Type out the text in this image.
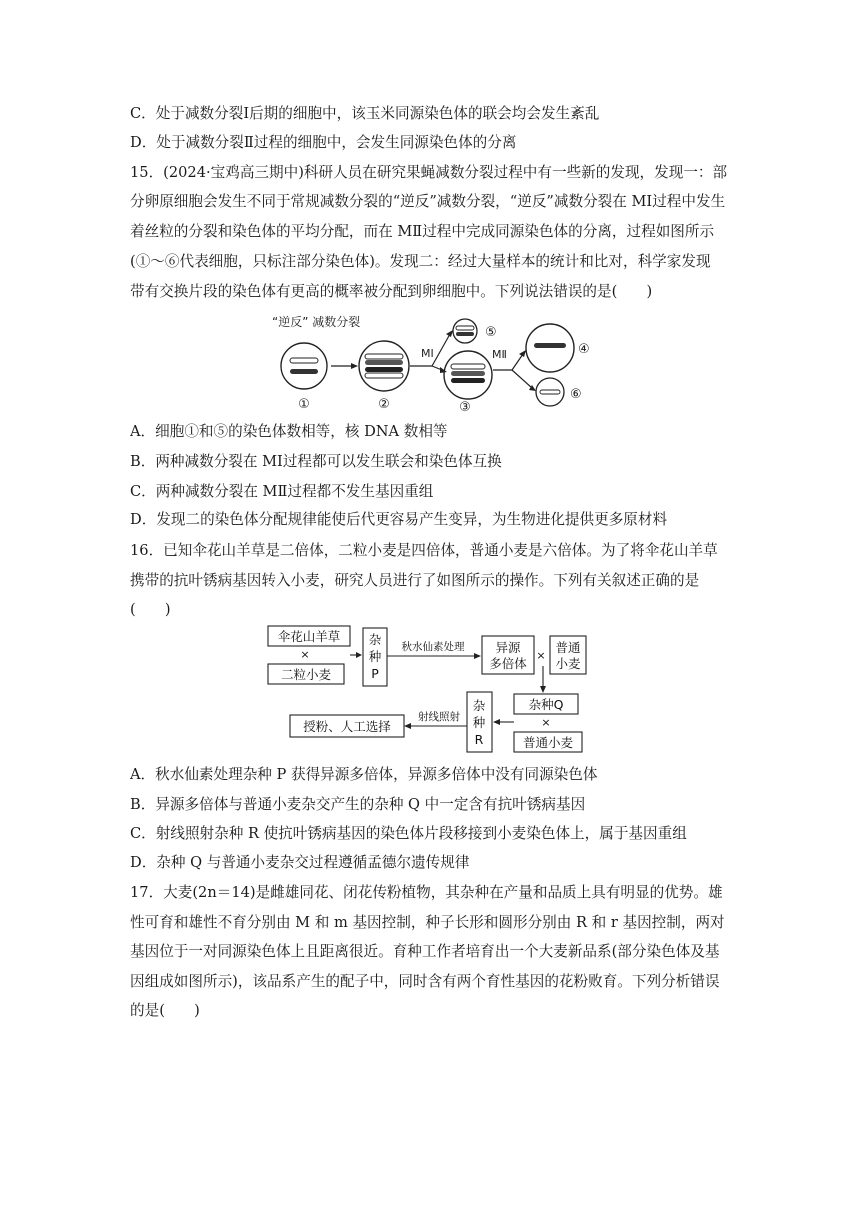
C．处于减数分裂Ⅰ后期的细胞中，该玉米同源染色体的联会均会发生紊乱
D．处于减数分裂Ⅱ过程的细胞中，会发生同源染色体的分离
15．(2024·宝鸡高三期中)科研人员在研究果蝇减数分裂过程中有一些新的发现，发现一：部
分卵原细胞会发生不同于常规减数分裂的“逆反”减数分裂，“逆反”减数分裂在 MⅠ过程中发生
着丝粒的分裂和染色体的平均分配，而在 MⅡ过程中完成同源染色体的分离，过程如图所示
(①～⑥代表细胞，只标注部分染色体)。发现二：经过大量样本的统计和比对，科学家发现
带有交换片段的染色体有更高的概率被分配到卵细胞中。下列说法错误的是(　　)
“逆反” 减数分裂
①	②
MⅠ
⑤
③
MⅡ	④
⑥
A．细胞①和⑤的染色体数相等，核 DNA 数相等
B．两种减数分裂在 MⅠ过程都可以发生联会和染色体互换
C．两种减数分裂在 MⅡ过程都不发生基因重组
D．发现二的染色体分配规律能使后代更容易产生变异，为生物进化提供更多原材料
16．已知伞花山羊草是二倍体，二粒小麦是四倍体，普通小麦是六倍体。为了将伞花山羊草
携带的抗叶锈病基因转入小麦，研究人员进行了如图所示的操作。下列有关叙述正确的是
(　　)
伞花山羊草
×
二粒小麦
杂
种
P
秋水仙素处理 异源
多倍体
×
普通
小麦
杂种Q
×
普通小麦
杂
种
R
射线照射
授粉、人工选择
A．秋水仙素处理杂种 P 获得异源多倍体，异源多倍体中没有同源染色体
B．异源多倍体与普通小麦杂交产生的杂种 Q 中一定含有抗叶锈病基因
C．射线照射杂种 R 使抗叶锈病基因的染色体片段移接到小麦染色体上，属于基因重组
D．杂种 Q 与普通小麦杂交过程遵循孟德尔遗传规律
17．大麦(2n＝14)是雌雄同花、闭花传粉植物，其杂种在产量和品质上具有明显的优势。雄
性可育和雄性不育分别由 M 和 m 基因控制，种子长形和圆形分别由 R 和 r 基因控制，两对
基因位于一对同源染色体上且距离很近。育种工作者培育出一个大麦新品系(部分染色体及基
因组成如图所示)，该品系产生的配子中，同时含有两个育性基因的花粉败育。下列分析错误
的是(　　)
